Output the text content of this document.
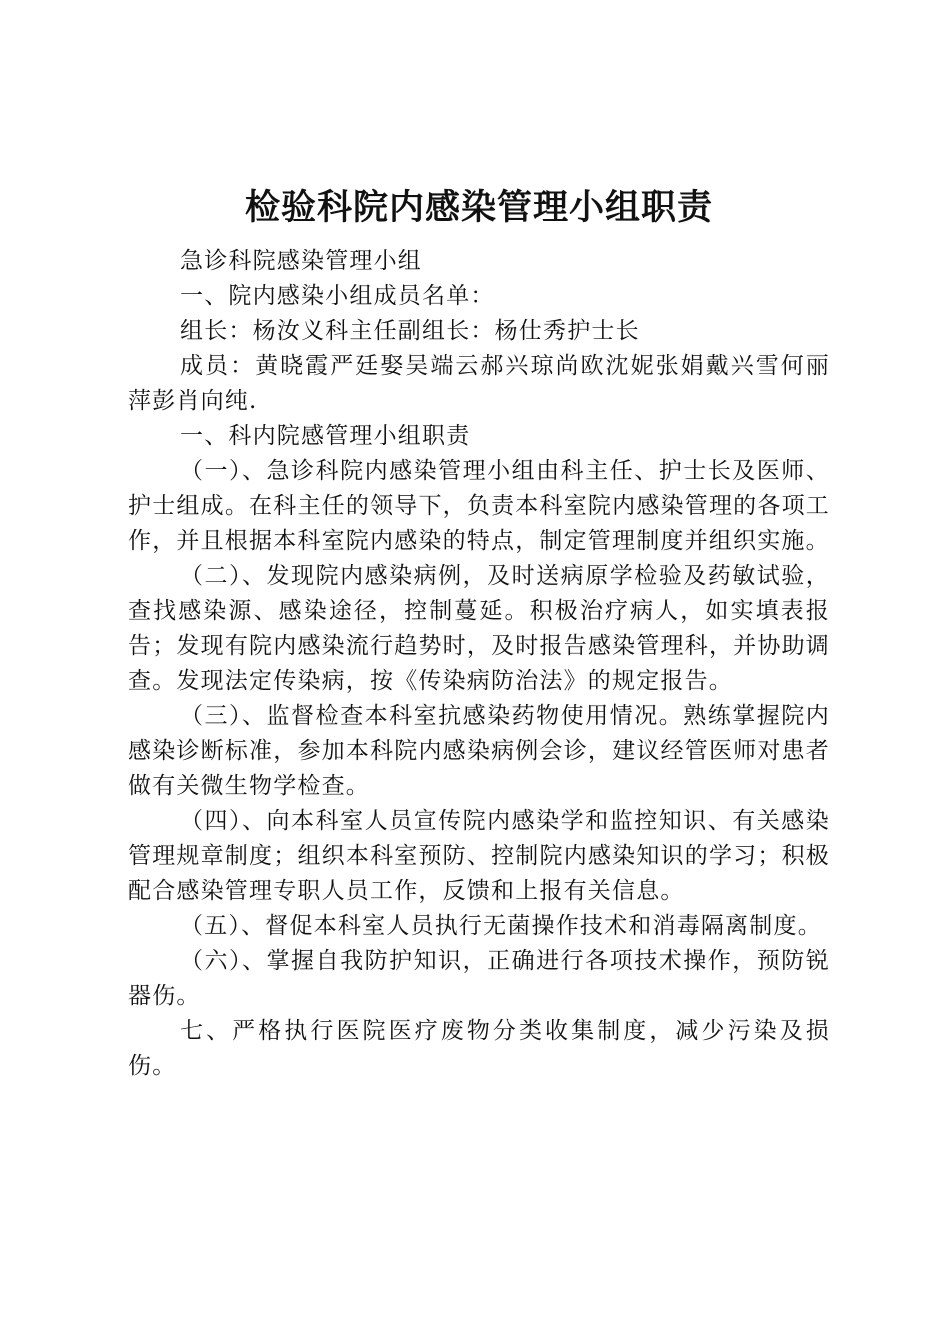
检验科院内感染管理小组职责

急诊科院感染管理小组

一、院内感染小组成员名单：

组长：杨汝义科主任副组长：杨仕秀护士长

成员：黄晓霞严廷娶吴端云郝兴琼尚欧沈妮张娟戴兴雪何丽萍彭肖向纯.

一、科内院感管理小组职责

（一）、急诊科院内感染管理小组由科主任、护士长及医师、护士组成。在科主任的领导下，负责本科室院内感染管理的各项工作，并且根据本科室院内感染的特点，制定管理制度并组织实施。

（二）、发现院内感染病例，及时送病原学检验及药敏试验，查找感染源、感染途径，控制蔓延。积极治疗病人，如实填表报告；发现有院内感染流行趋势时，及时报告感染管理科，并协助调查。发现法定传染病，按《传染病防治法》的规定报告。

（三）、监督检查本科室抗感染药物使用情况。熟练掌握院内感染诊断标准，参加本科院内感染病例会诊，建议经管医师对患者做有关微生物学检查。

（四）、向本科室人员宣传院内感染学和监控知识、有关感染管理规章制度；组织本科室预防、控制院内感染知识的学习；积极配合感染管理专职人员工作，反馈和上报有关信息。

（五）、督促本科室人员执行无菌操作技术和消毒隔离制度。

（六）、掌握自我防护知识，正确进行各项技术操作，预防锐器伤。

七、严格执行医院医疗废物分类收集制度，减少污染及损伤。
